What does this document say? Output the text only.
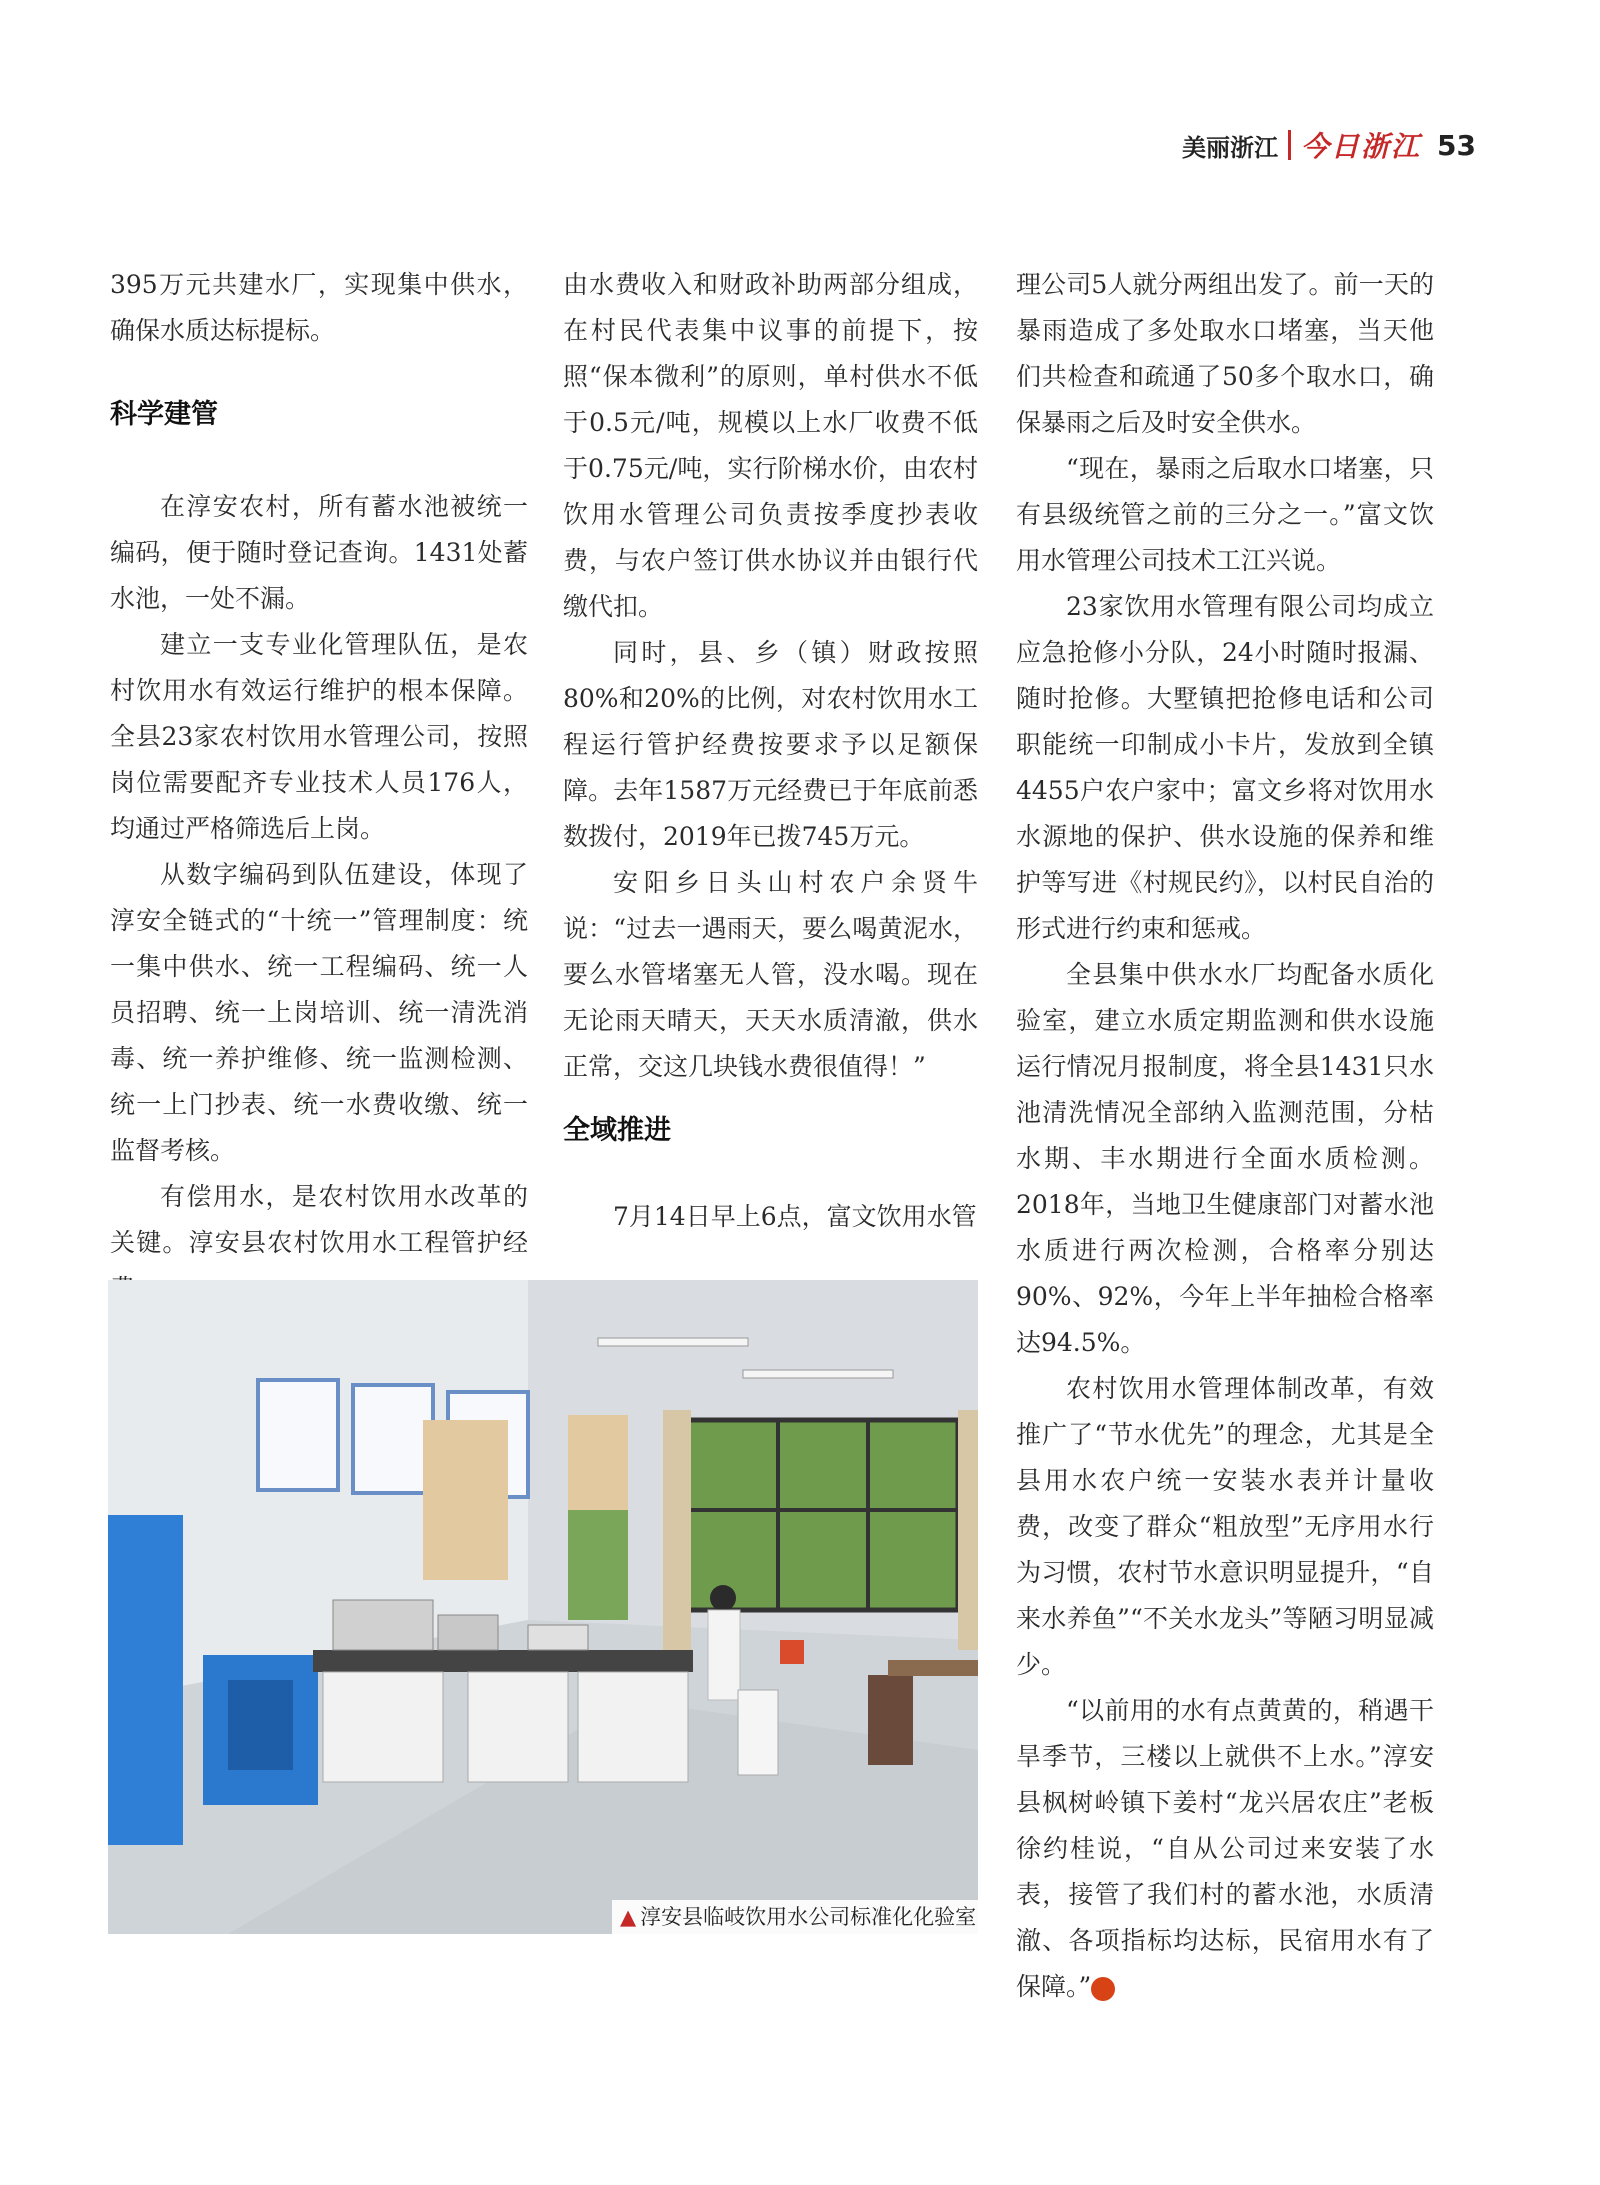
美丽浙江 今日浙江 53

395万元共建水厂，实现集中供水，确保水质达标提标。

科学建管

在淳安农村，所有蓄水池被统一编码，便于随时登记查询。1431处蓄水池，一处不漏。

建立一支专业化管理队伍，是农村饮用水有效运行维护的根本保障。全县23家农村饮用水管理公司，按照岗位需要配齐专业技术人员176人，均通过严格筛选后上岗。

从数字编码到队伍建设，体现了淳安全链式的“十统一”管理制度：统一集中供水、统一工程编码、统一人员招聘、统一上岗培训、统一清洗消毒、统一养护维修、统一监测检测、统一上门抄表、统一水费收缴、统一监督考核。

有偿用水，是农村饮用水改革的关键。淳安县农村饮用水工程管护经

由水费收入和财政补助两部分组成，在村民代表集中议事的前提下，按照“保本微利”的原则，单村供水不低于0.5元/吨，规模以上水厂收费不低于0.75元/吨，实行阶梯水价，由农村饮用水管理公司负责按季度抄表收费，与农户签订供水协议并由银行代缴代扣。

同时，县、乡（镇）财政按照80%和20%的比例，对农村饮用水工程运行管护经费按要求予以足额保障。去年1587万元经费已于年底前悉数拨付，2019年已拨745万元。

安阳乡日头山村农户余贤牛说：“过去一遇雨天，要么喝黄泥水，要么水管堵塞无人管，没水喝。现在无论雨天晴天，天天水质清澈，供水正常，交这几块钱水费很值得！”

全域推进

7月14日早上6点，富文饮用水管

理公司5人就分两组出发了。前一天的暴雨造成了多处取水口堵塞，当天他们共检查和疏通了50多个取水口，确保暴雨之后及时安全供水。

“现在，暴雨之后取水口堵塞，只有县级统管之前的三分之一。”富文饮用水管理公司技术工江兴说。

23家饮用水管理有限公司均成立应急抢修小分队，24小时随时报漏、随时抢修。大墅镇把抢修电话和公司职能统一印制成小卡片，发放到全镇4455户农户家中；富文乡将对饮用水水源地的保护、供水设施的保养和维护等写进《村规民约》，以村民自治的形式进行约束和惩戒。

全县集中供水水厂均配备水质化验室，建立水质定期监测和供水设施运行情况月报制度，将全县1431只水池清洗情况全部纳入监测范围，分枯水期、丰水期进行全面水质检测。2018年，当地卫生健康部门对蓄水池水质进行两次检测，合格率分别达90%、92%，今年上半年抽检合格率达94.5%。

农村饮用水管理体制改革，有效推广了“节水优先”的理念，尤其是全县用水农户统一安装水表并计量收费，改变了群众“粗放型”无序用水行为习惯，农村节水意识明显提升，“自来水养鱼”“不关水龙头”等陋习明显减少。

“以前用的水有点黄黄的，稍遇干旱季节，三楼以上就供不上水。”淳安县枫树岭镇下姜村“龙兴居农庄”老板徐约桂说，“自从公司过来安装了水表，接管了我们村的蓄水池，水质清澈、各项指标均达标，民宿用水有了保障。”	今

▲ 淳安县临岐饮用水公司标准化化验室
